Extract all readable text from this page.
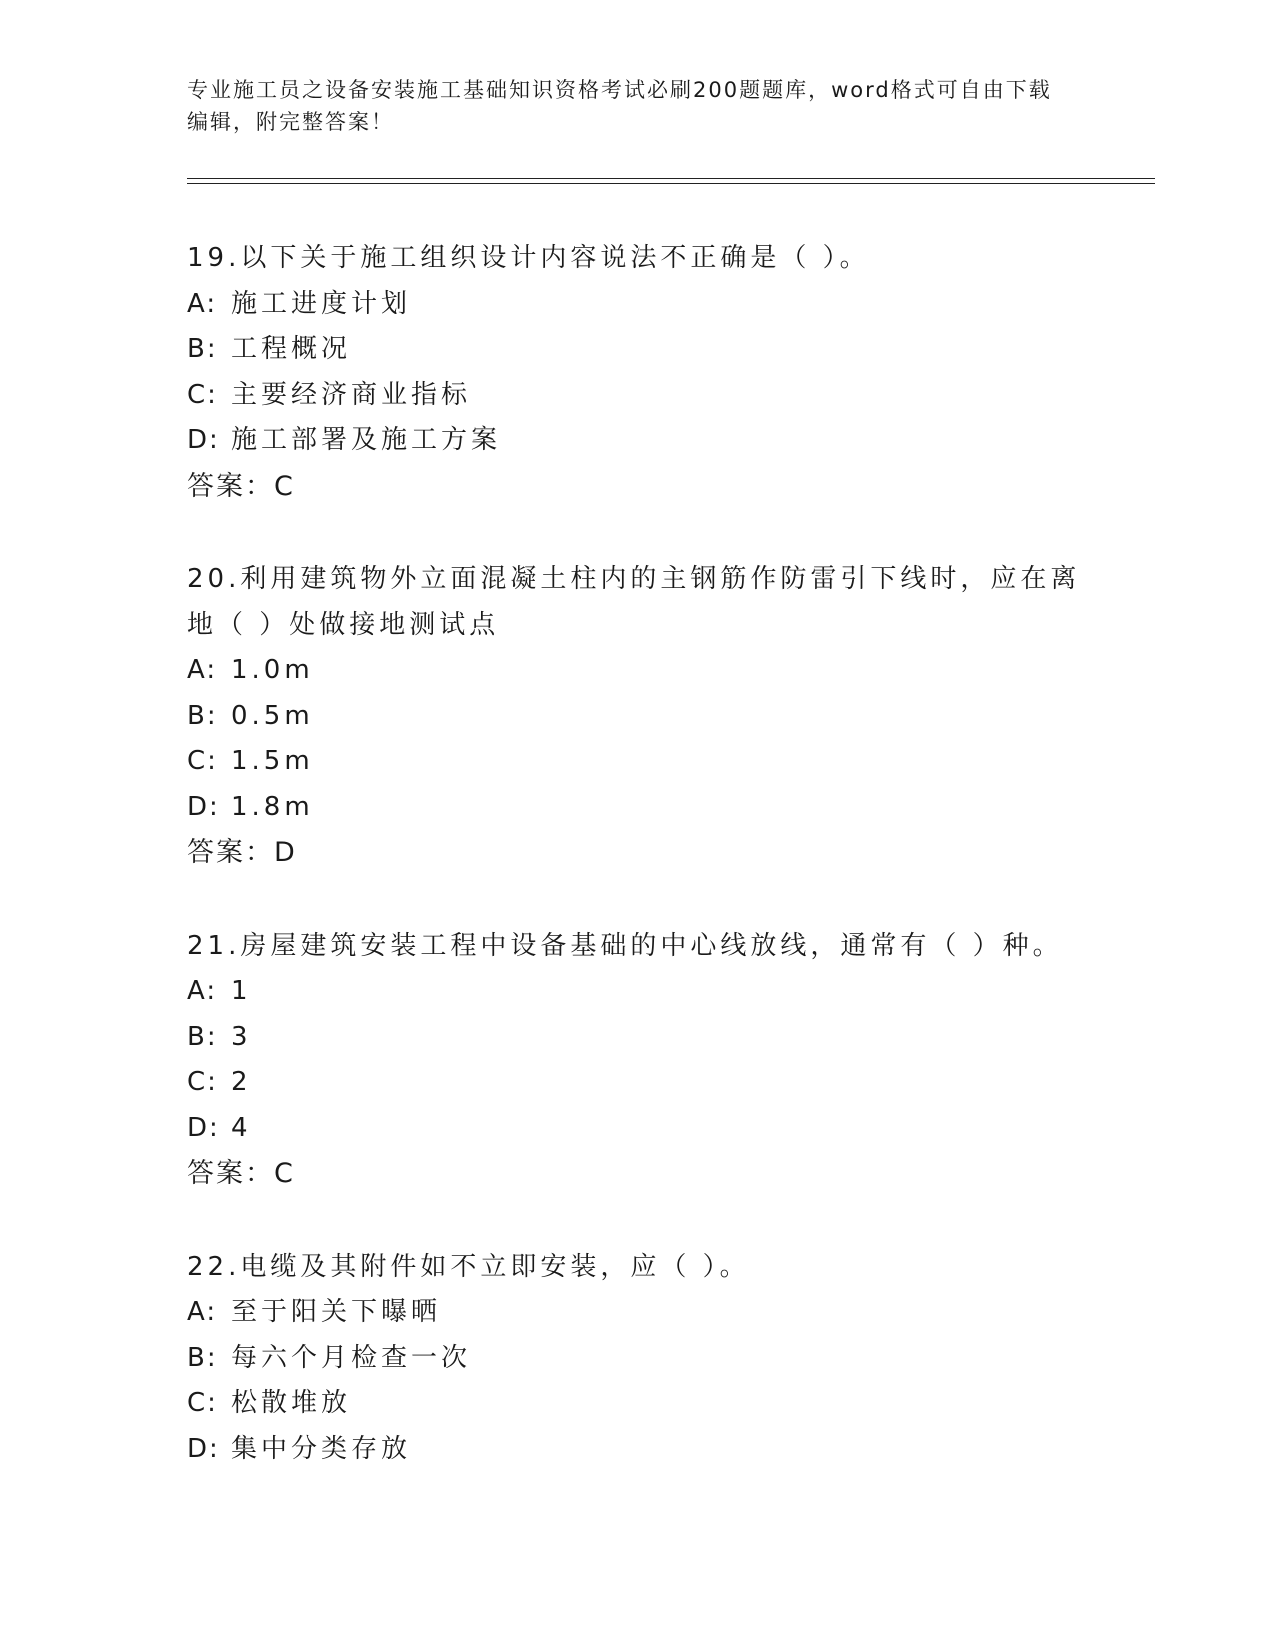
专业施工员之设备安装施工基础知识资格考试必刷200题题库，word格式可自由下载编辑，附完整答案！
19.以下关于施工组织设计内容说法不正确是（ ）。
A: 施工进度计划
B: 工程概况
C: 主要经济商业指标
D: 施工部署及施工方案
答案：C
20.利用建筑物外立面混凝土柱内的主钢筋作防雷引下线时，应在离地（ ）处做接地测试点
A: 1.0m
B: 0.5m
C: 1.5m
D: 1.8m
答案：D
21.房屋建筑安装工程中设备基础的中心线放线，通常有（ ）种。
A: 1
B: 3
C: 2
D: 4
答案：C
22.电缆及其附件如不立即安装，应（ ）。
A: 至于阳关下曝晒
B: 每六个月检查一次
C: 松散堆放
D: 集中分类存放
